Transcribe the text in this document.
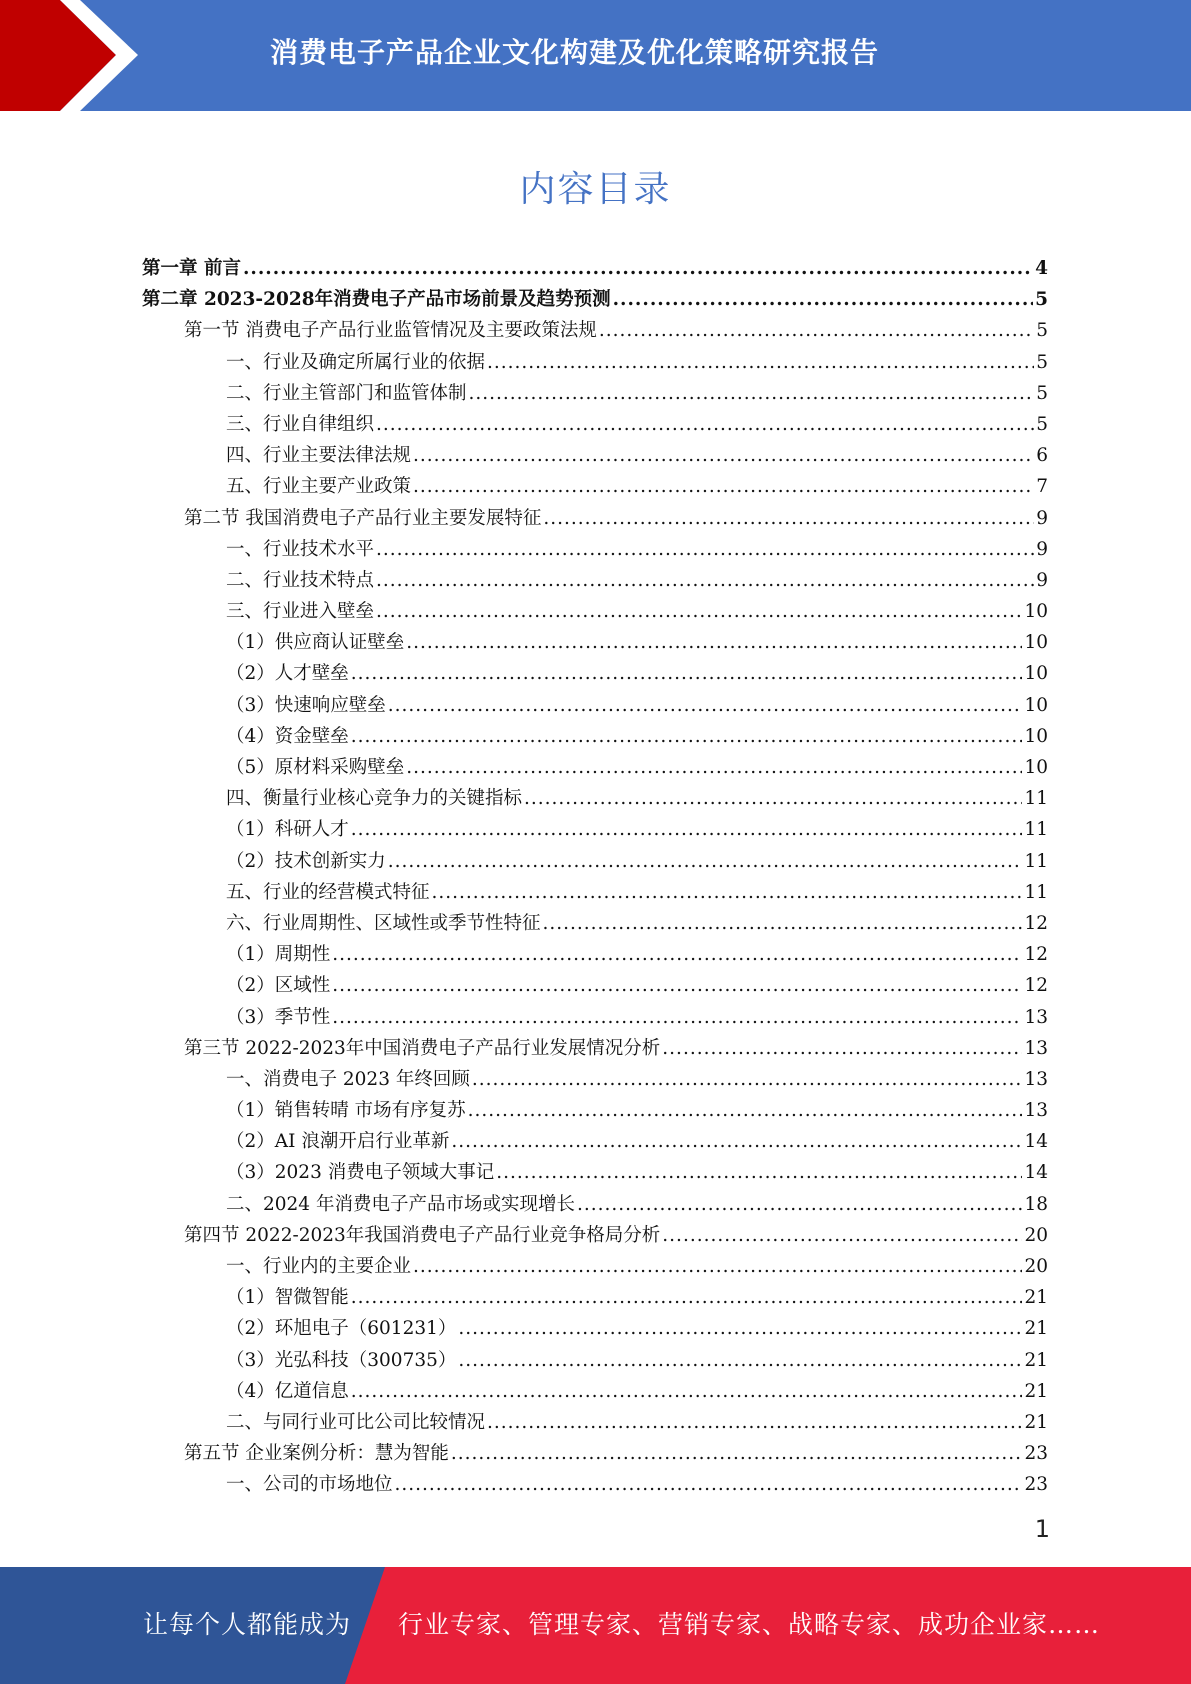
消费电子产品企业文化构建及优化策略研究报告
内容目录
第一章 前言 .....	4
第二章 2023-2028年消费电子产品市场前景及趋势预测 .....	5
第一节 消费电子产品行业监管情况及主要政策法规 .....	5
一、行业及确定所属行业的依据 .....	5
二、行业主管部门和监管体制 .....	5
三、行业自律组织 .....	5
四、行业主要法律法规 .....	6
五、行业主要产业政策 .....	7
第二节 我国消费电子产品行业主要发展特征 .....	9
一、行业技术水平 .....	9
二、行业技术特点 .....	9
三、行业进入壁垒 .....	10
（1）供应商认证壁垒 .....	10
（2）人才壁垒 .....	10
（3）快速响应壁垒 .....	10
（4）资金壁垒 .....	10
（5）原材料采购壁垒 .....	10
四、衡量行业核心竞争力的关键指标 .....	11
（1）科研人才 .....	11
（2）技术创新实力 .....	11
五、行业的经营模式特征 .....	11
六、行业周期性、区域性或季节性特征 .....	12
（1）周期性 .....	12
（2）区域性 .....	12
（3）季节性 .....	13
第三节 2022-2023年中国消费电子产品行业发展情况分析 .....	13
一、消费电子 2023 年终回顾 .....	13
（1）销售转晴 市场有序复苏 .....	13
（2）AI 浪潮开启行业革新 .....	14
（3）2023 消费电子领域大事记 .....	14
二、2024 年消费电子产品市场或实现增长 .....	18
第四节 2022-2023年我国消费电子产品行业竞争格局分析 .....	20
一、行业内的主要企业 .....	20
（1）智微智能 .....	21
（2）环旭电子（601231） .....	21
（3）光弘科技（300735） .....	21
（4）亿道信息 .....	21
二、与同行业可比公司比较情况 .....	21
第五节 企业案例分析：慧为智能 .....	23
一、公司的市场地位 .....	23
1
让每个人都能成为 行业专家、管理专家、营销专家、战略专家、成功企业家……
